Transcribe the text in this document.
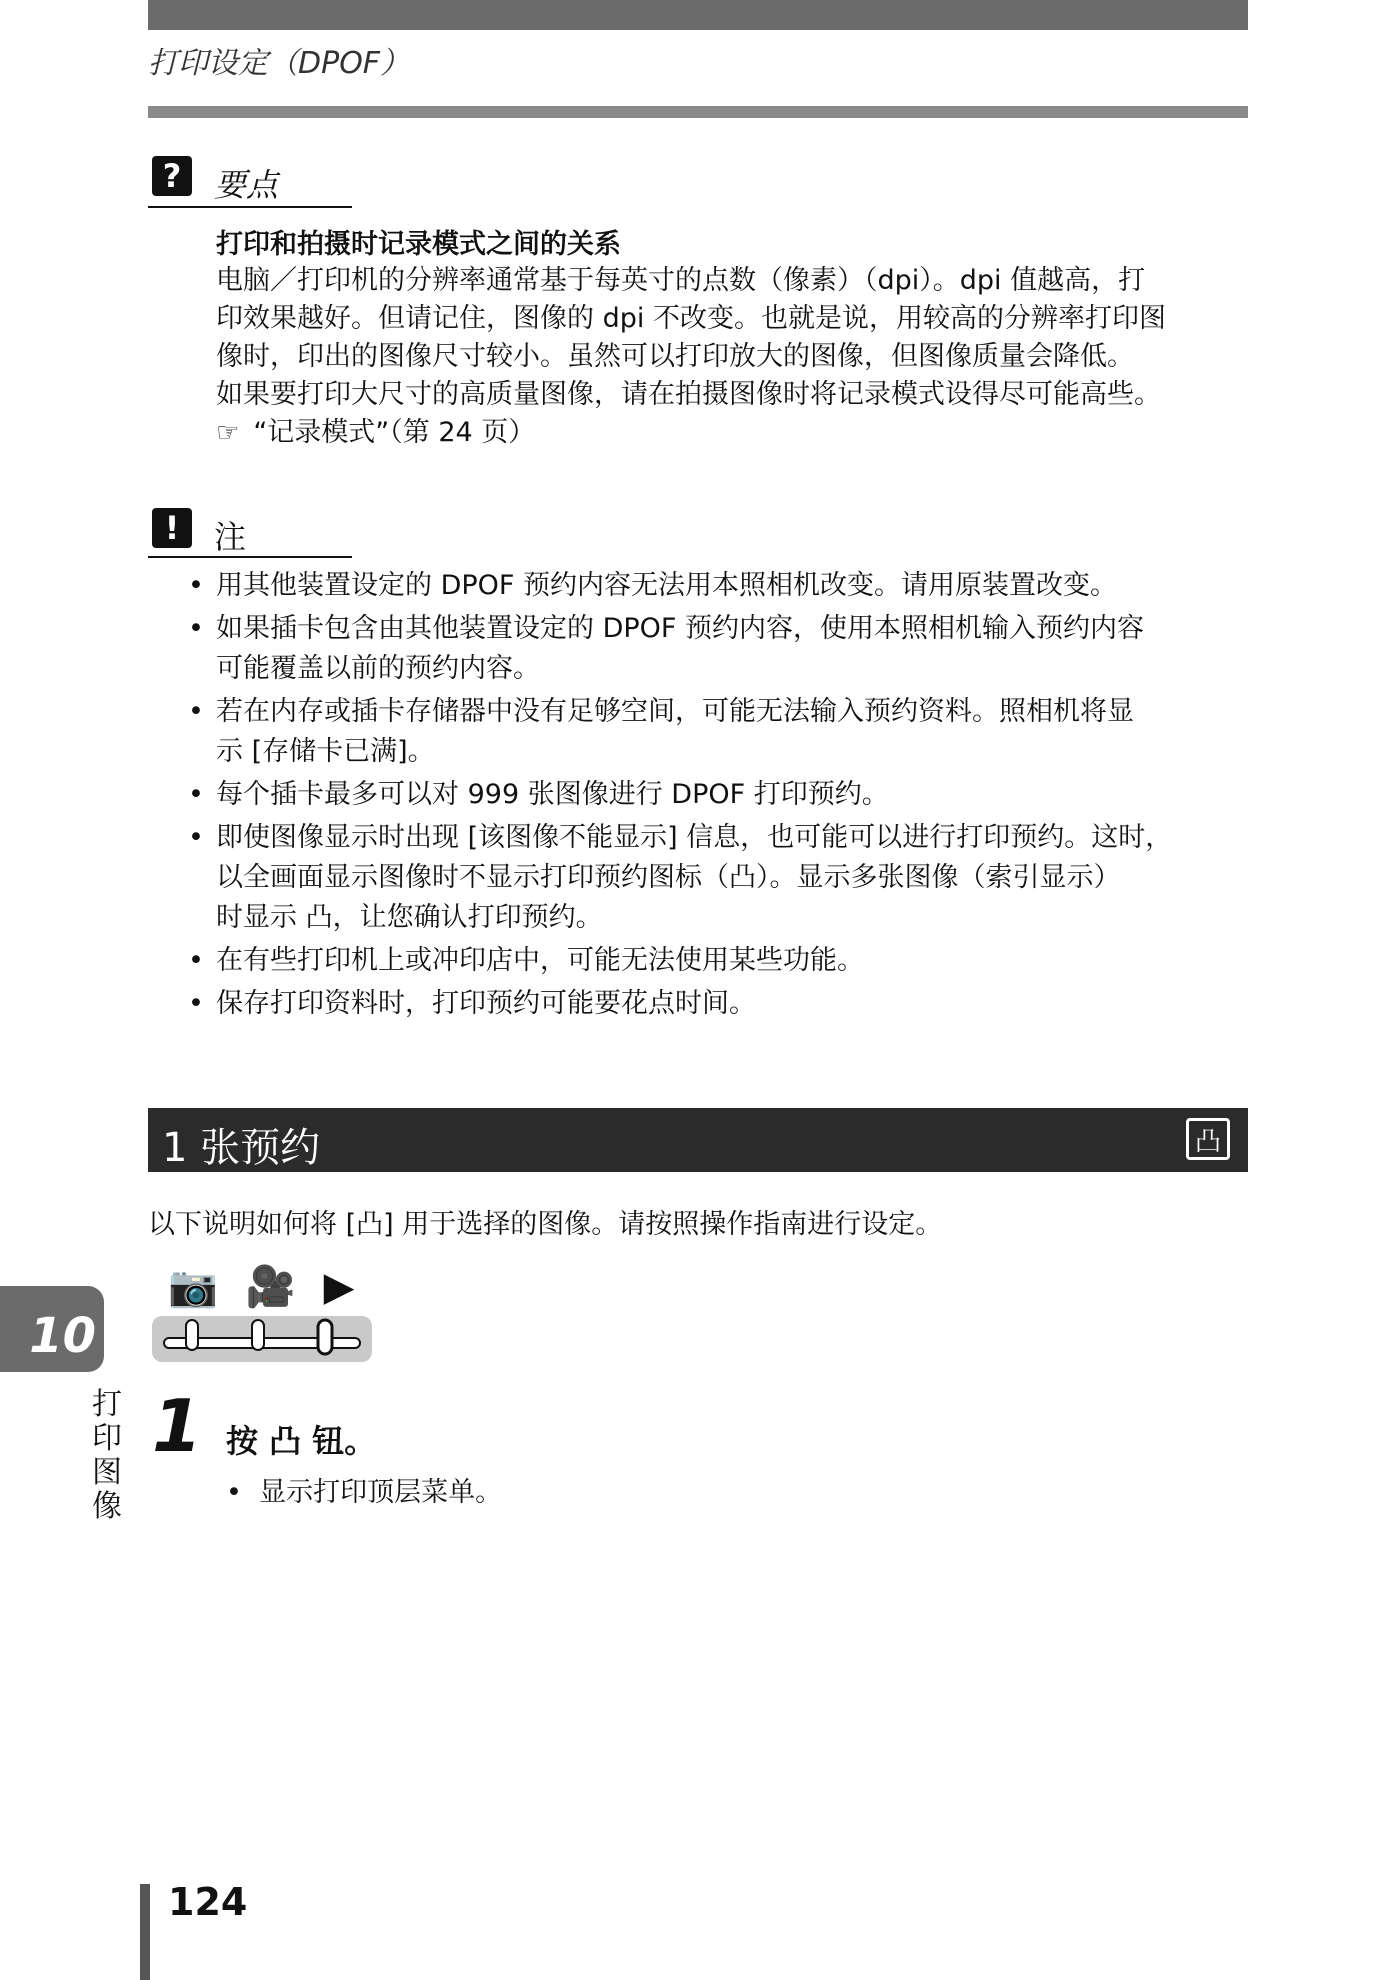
打印设定（DPOF）
?	要点
打印和拍摄时记录模式之间的关系

电脑／打印机的分辨率通常基于每英寸的点数（像素）（dpi）。dpi 值越高，打

印效果越好。但请记住，图像的 dpi 不改变。也就是说，用较高的分辨率打印图

像时，印出的图像尺寸较小。虽然可以打印放大的图像，但图像质量会降低。

如果要打印大尺寸的高质量图像，请在拍摄图像时将记录模式设得尽可能高些。

☞ “记录模式”（第 24 页）

!	注
• 用其他装置设定的 DPOF 预约内容无法用本照相机改变。请用原装置改变。
• 如果插卡包含由其他装置设定的 DPOF 预约内容，使用本照相机输入预约内容
可能覆盖以前的预约内容。
• 若在内存或插卡存储器中没有足够空间，可能无法输入预约资料。照相机将显
示 [存储卡已满]。
• 每个插卡最多可以对 999 张图像进行 DPOF 打印预约。
• 即使图像显示时出现 [该图像不能显示] 信息，也可能可以进行打印预约。这时，
以全画面显示图像时不显示打印预约图标（凸）。显示多张图像（索引显示）
时显示 凸，让您确认打印预约。
• 在有些打印机上或冲印店中，可能无法使用某些功能。
• 保存打印资料时，打印预约可能要花点时间。
1 张预约	凸
以下说明如何将 [凸] 用于选择的图像。请按照操作指南进行设定。
📷 🎥 ▶
10
打印图像
1 按 凸 钮。
•  显示打印顶层菜单。
124
